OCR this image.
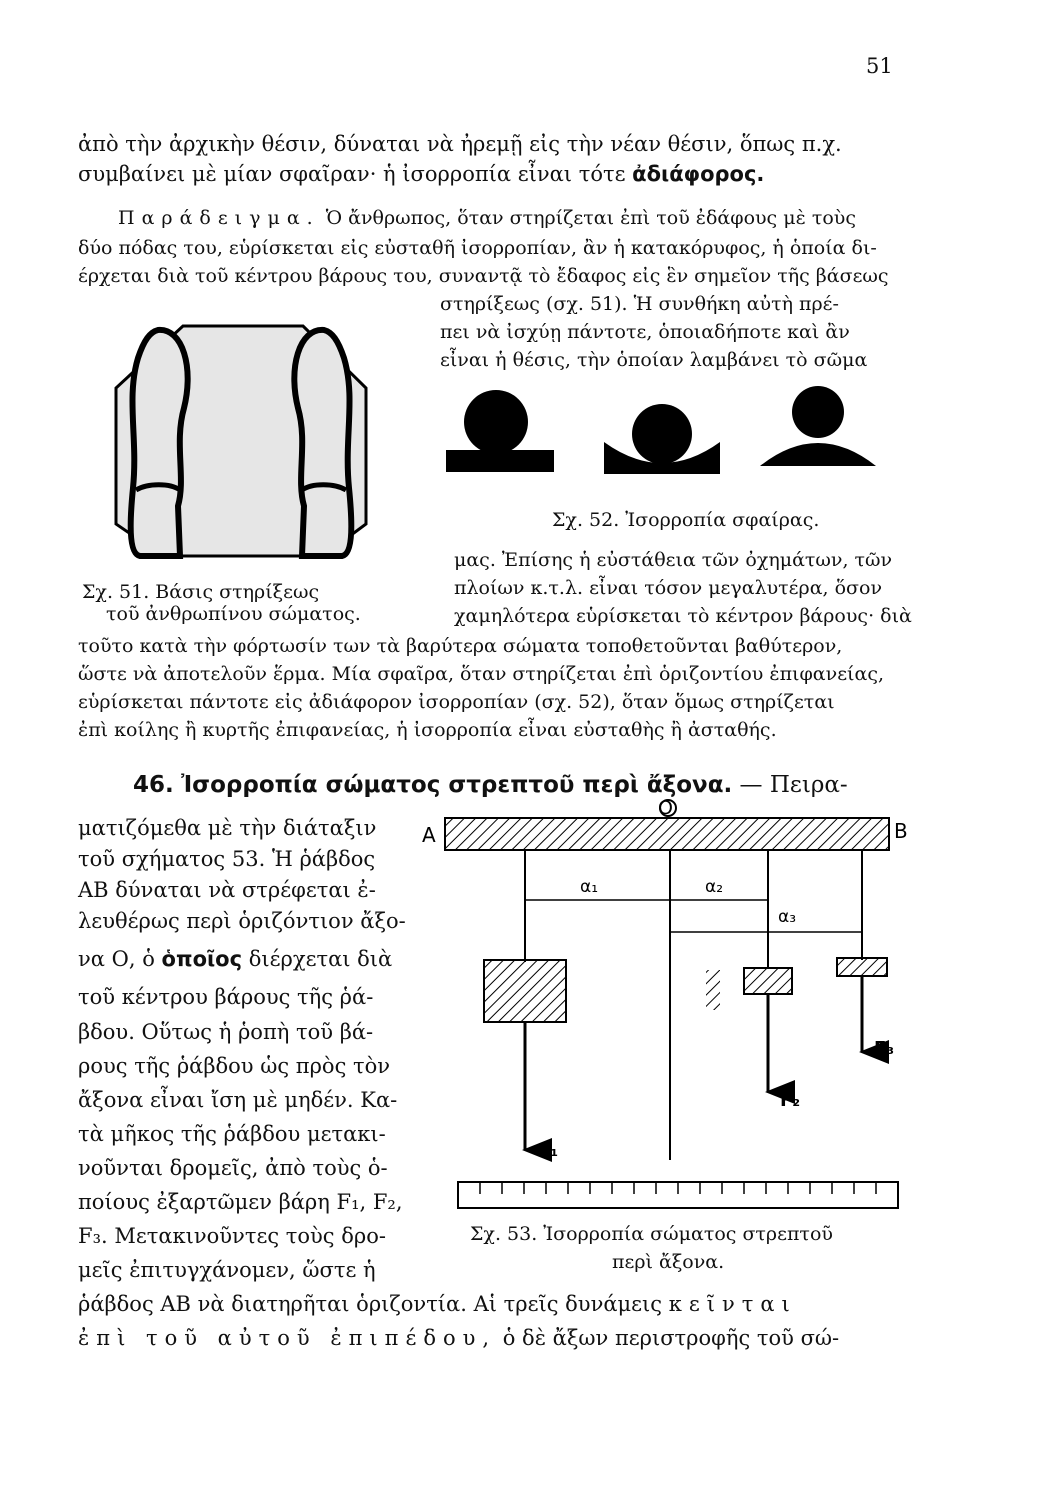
51
ἀπὸ τὴν ἀρχικὴν θέσιν, δύναται νὰ ἠρεμῇ εἰς τὴν νέαν θέσιν, ὅπως π.χ.
συμβαίνει μὲ μίαν σφαῖραν· ἡ ἰσορροπία εἶναι τότε ἀδιάφορος.
Παράδειγμα. Ὁ ἄνθρωπος, ὅταν στηρίζεται ἐπὶ τοῦ ἐδάφους μὲ τοὺς
δύο πόδας του, εὑρίσκεται εἰς εὐσταθῆ ἰσορροπίαν, ἂν ἡ κατακόρυφος, ἡ ὁποία δι-
έρχεται διὰ τοῦ κέντρου βάρους του, συναντᾷ τὸ ἔδαφος εἰς ἓν σημεῖον τῆς βάσεως
στηρίξεως (σχ. 51). Ἡ συνθήκη αὐτὴ πρέ-
πει νὰ ἰσχύῃ πάντοτε, ὁποιαδήποτε καὶ ἂν
εἶναι ἡ θέσις, τὴν ὁποίαν λαμβάνει τὸ σῶμα
Σχ. 52. Ἰσορροπία σφαίρας.
μας. Ἐπίσης ἡ εὐστάθεια τῶν ὀχημάτων, τῶν
πλοίων κ.τ.λ. εἶναι τόσον μεγαλυτέρα, ὅσον
χαμηλότερα εὑρίσκεται τὸ κέντρον βάρους· διὰ
Σχ. 51. Βάσις στηρίξεως
τοῦ ἀνθρωπίνου σώματος.
τοῦτο κατὰ τὴν φόρτωσίν των τὰ βαρύτερα σώματα τοποθετοῦνται βαθύτερον,
ὥστε νὰ ἀποτελοῦν ἕρμα. Μία σφαῖρα, ὅταν στηρίζεται ἐπὶ ὁριζοντίου ἐπιφανείας,
εὑρίσκεται πάντοτε εἰς ἀδιάφορον ἰσορροπίαν (σχ. 52), ὅταν ὅμως στηρίζεται
ἐπὶ κοίλης ἢ κυρτῆς ἐπιφανείας, ἡ ἰσορροπία εἶναι εὐσταθὴς ἢ ἀσταθής.
46. Ἰσορροπία σώματος στρεπτοῦ περὶ ἄξονα. — Πειρα-
ματιζόμεθα μὲ τὴν διάταξιν
τοῦ σχήματος 53. Ἡ ῥάβδος
ΑΒ δύναται νὰ στρέφεται ἐ-
λευθέρως περὶ ὁριζόντιον ἄξο-
να Ο, ὁ ὁποῖος διέρχεται διὰ
τοῦ κέντρου βάρους τῆς ῥά-
βδου. Οὕτως ἡ ῥοπὴ τοῦ βά-
ρους τῆς ῥάβδου ὡς πρὸς τὸν
ἄξονα εἶναι ἴση μὲ μηδέν. Κα-
τὰ μῆκος τῆς ῥάβδου μετακι-
νοῦνται δρομεῖς, ἀπὸ τοὺς ὁ-
ποίους ἐξαρτῶμεν βάρη F₁, F₂,
F₃. Μετακινοῦντες τοὺς δρο-
μεῖς ἐπιτυγχάνομεν, ὥστε ἡ
ῥάβδος ΑΒ νὰ διατηρῆται ὁριζοντία. Αἱ τρεῖς δυνάμεις κεῖνται
ἐπὶ τοῦ αὐτοῦ ἐπιπέδου, ὁ δὲ ἄξων περιστροφῆς τοῦ σώ-
A	B
O
α₁	α₂
α₃
F₁
F₂
F₃
Σχ. 53. Ἰσορροπία σώματος στρεπτοῦ
περὶ ἄξονα.
